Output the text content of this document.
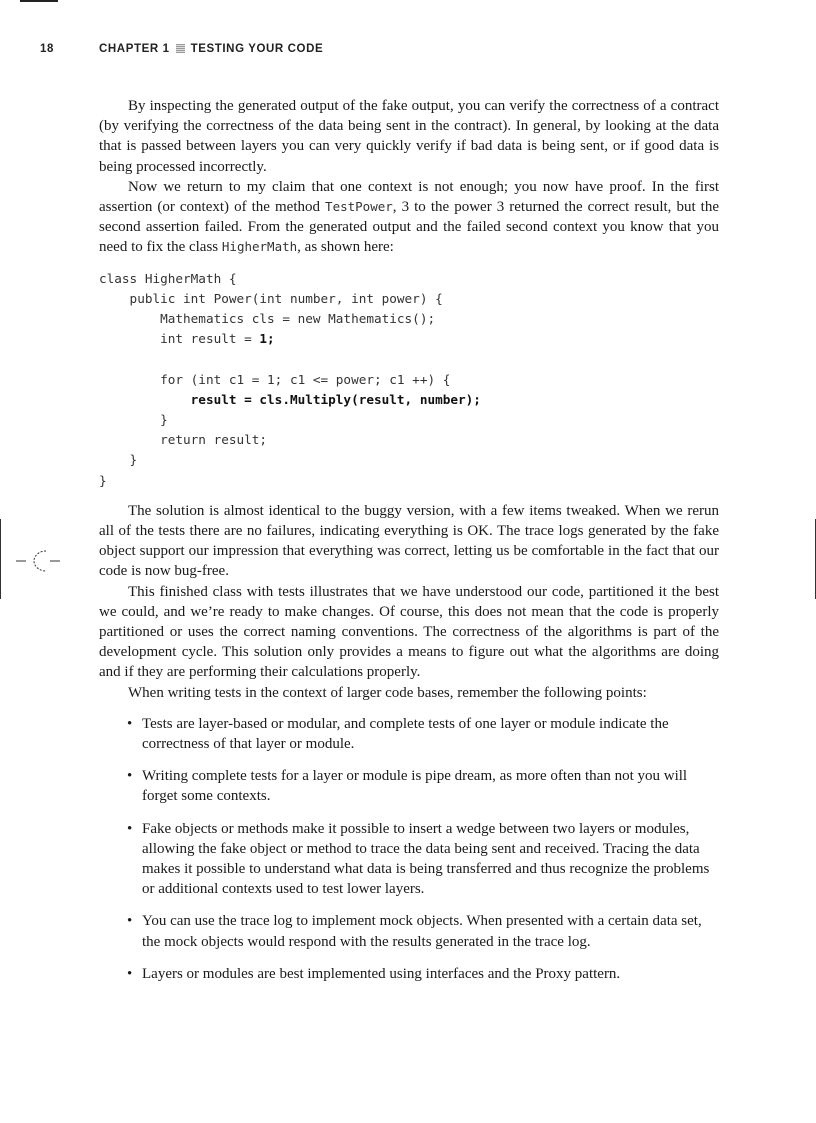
18	CHAPTER 1 TESTING YOUR CODE

By inspecting the generated output of the fake output, you can verify the correctness of a contract (by verifying the correctness of the data being sent in the contract). In general, by looking at the data that is passed between layers you can very quickly verify if bad data is being sent, or if good data is being processed incorrectly.

Now we return to my claim that one context is not enough; you now have proof. In the first assertion (or context) of the method TestPower, 3 to the power 3 returned the correct result, but the second assertion failed. From the generated output and the failed second context you know that you need to fix the class HigherMath, as shown here:

class HigherMath {
public int Power(int number, int power) {
Mathematics cls = new Mathematics();
int result = 1;
for (int c1 = 1; c1 <= power; c1 ++) {
result = cls.Multiply(result, number);
}
return result;
}
}

The solution is almost identical to the buggy version, with a few items tweaked. When we rerun all of the tests there are no failures, indicating everything is OK. The trace logs generated by the fake object support our impression that everything was correct, letting us be comfortable in the fact that our code is now bug-free.

This finished class with tests illustrates that we have understood our code, partitioned it the best we could, and we’re ready to make changes. Of course, this does not mean that the code is properly partitioned or uses the correct naming conventions. The correctness of the algorithms is part of the development cycle. This solution only provides a means to figure out what the algorithms are doing and if they are performing their calculations properly.

When writing tests in the context of larger code bases, remember the following points:

• Tests are layer-based or modular, and complete tests of one layer or module indicate the correctness of that layer or module.
• Writing complete tests for a layer or module is pipe dream, as more often than not you will forget some contexts.
• Fake objects or methods make it possible to insert a wedge between two layers or modules, allowing the fake object or method to trace the data being sent and received. Tracing the data makes it possible to understand what data is being transferred and thus recognize the problems or additional contexts used to test lower layers.
• You can use the trace log to implement mock objects. When presented with a certain data set, the mock objects would respond with the results generated in the trace log.
• Layers or modules are best implemented using interfaces and the Proxy pattern.
